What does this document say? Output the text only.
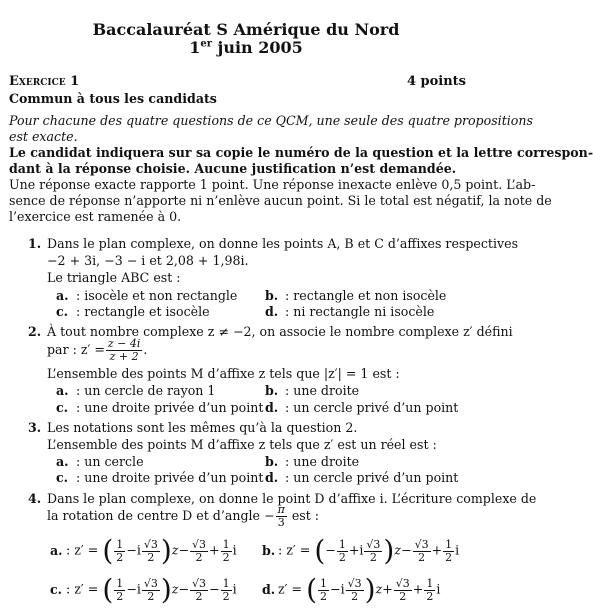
Baccalauréat S Amérique du Nord
1er juin 2005
Exercice 1	4 points
Commun à tous les candidats
Pour chacune des quatre questions de ce QCM, une seule des quatre propositions
est exacte.
Le candidat indiquera sur sa copie le numéro de la question et la lettre correspon-
dant à la réponse choisie. Aucune justification n’est demandée.
Une réponse exacte rapporte 1 point. Une réponse inexacte enlève 0,5 point. L’ab-
sence de réponse n’apporte ni n’enlève aucun point. Si le total est négatif, la note de
l’exercice est ramenée à 0.
1. Dans le plan complexe, on donne les points A, B et C d’affixes respectives
−2 + 3i, −3 − i et 2,08 + 1,98i.
Le triangle ABC est :
a. : isocèle et non rectangle b. : rectangle et non isocèle
c. : rectangle et isocèle	d. : ni rectangle ni isocèle
2. À tout nombre complexe z ≠ −2, on associe le nombre complexe z′ défini
par : $z' = \frac{z - 4i}{z + 2}$ .
L’ensemble des points M d’affixe z tels que |z′| = 1 est :
a. : un cercle de rayon 1	b. : une droite
c. : une droite privée d’un point d. : un cercle privé d’un point
3. Les notations sont les mêmes qu’à la question 2.
L’ensemble des points M d’affixe z tels que z′ est un réel est :
a. : un cercle	b. : une droite
c. : une droite privée d’un point d. : un cercle privé d’un point
4. Dans le plan complexe, on donne le point D d’affixe i. L’écriture complexe de
la rotation de centre D et d’angle − $\frac{\pi}{3}$ est :
a. : z′ = ( $\frac{1}{2} -i \frac{√3}{2} )z- \frac{√3}{2} + \frac{1}{2}$ i b. : z′ = (− $\frac{1}{2} +i \frac{√3}{2} )z- \frac{√3}{2} + \frac{1}{2}$ i
c. : z′ = ( $\frac{1}{2} -i \frac{√3}{2} )z- \frac{√3}{2} - \frac{1}{2}$ i d. z′ = ( $\frac{1}{2} -i \frac{√3}{2} )z+ \frac{√3}{2} + \frac{1}{2}$ i
